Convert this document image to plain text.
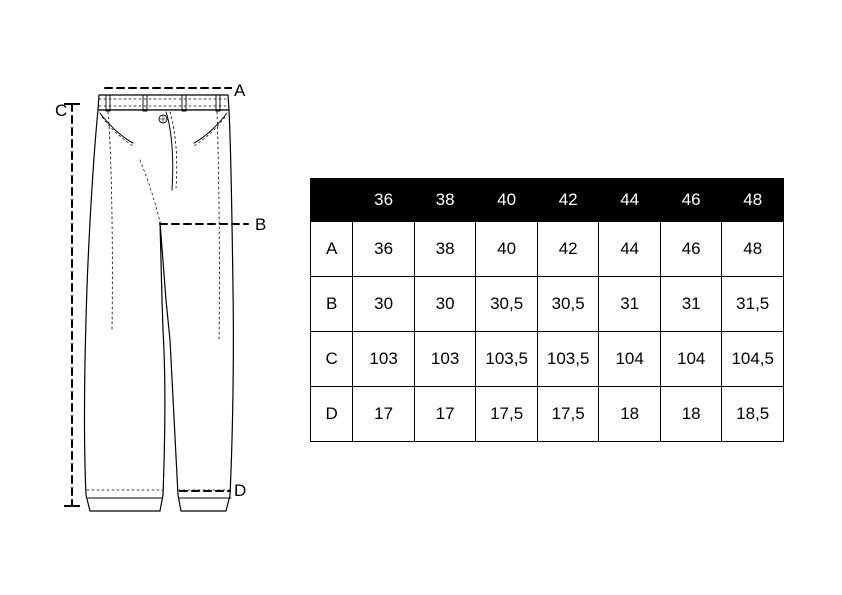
A
B
C
D
	36	38	40	42	44	46	48
A	36	38	40	42	44	46	48
B	30	30	30,5	30,5	31	31	31,5
C	103	103	103,5	103,5	104	104	104,5
D	17	17	17,5	17,5	18	18	18,5
